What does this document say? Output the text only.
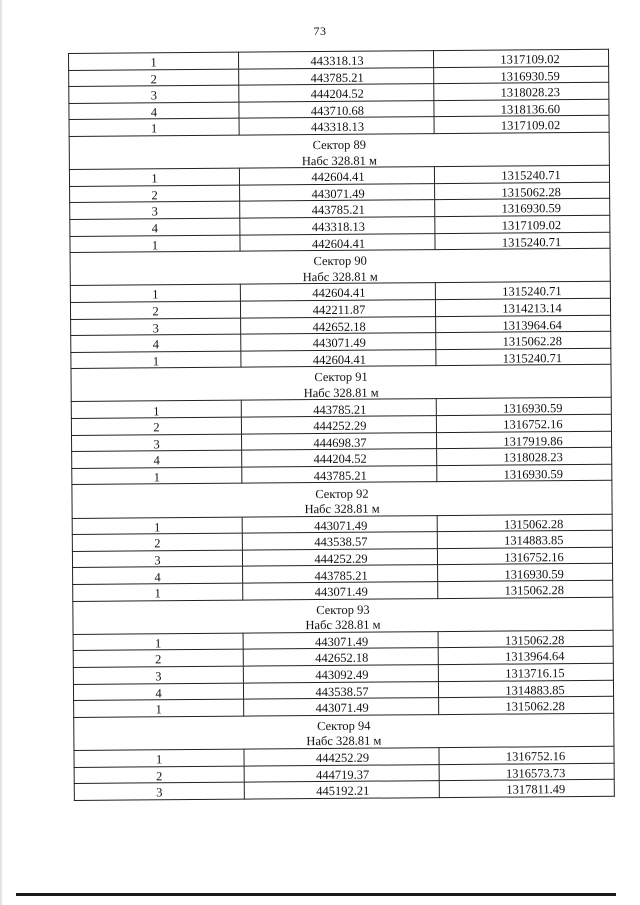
73
1	443318.13	1317109.02
2	443785.21	1316930.59
3	444204.52	1318028.23
4	443710.68	1318136.60
1	443318.13	1317109.02
Сектор 89		
Набс 328.81 м		
1	442604.41	1315240.71
2	443071.49	1315062.28
3	443785.21	1316930.59
4	443318.13	1317109.02
1	442604.41	1315240.71
Сектор 90		
Набс 328.81 м		
1	442604.41	1315240.71
2	442211.87	1314213.14
3	442652.18	1313964.64
4	443071.49	1315062.28
1	442604.41	1315240.71
Сектор 91		
Набс 328.81 м		
1	443785.21	1316930.59
2	444252.29	1316752.16
3	444698.37	1317919.86
4	444204.52	1318028.23
1	443785.21	1316930.59
Сектор 92		
Набс 328.81 м		
1	443071.49	1315062.28
2	443538.57	1314883.85
3	444252.29	1316752.16
4	443785.21	1316930.59
1	443071.49	1315062.28
Сектор 93		
Набс 328.81 м		
1	443071.49	1315062.28
2	442652.18	1313964.64
3	443092.49	1313716.15
4	443538.57	1314883.85
1	443071.49	1315062.28
Сектор 94		
Набс 328.81 м		
1	444252.29	1316752.16
2	444719.37	1316573.73
3	445192.21	1317811.49
